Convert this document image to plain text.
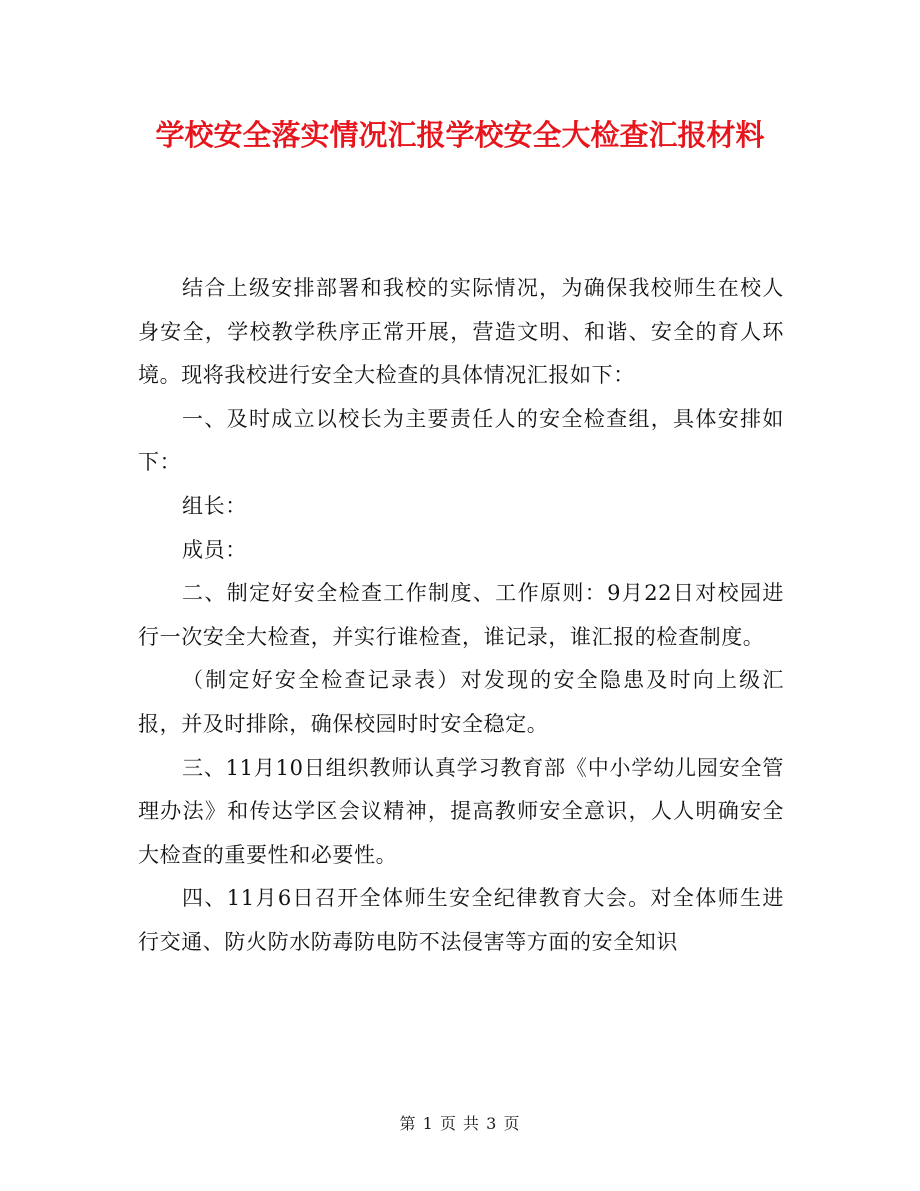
学校安全落实情况汇报学校安全大检查汇报材料

结合上级安排部署和我校的实际情况，为确保我校师生在校人身安全，学校教学秩序正常开展，营造文明、和谐、安全的育人环境。现将我校进行安全大检查的具体情况汇报如下：

一、及时成立以校长为主要责任人的安全检查组，具体安排如下：

组长：

成员：

二、制定好安全检查工作制度、工作原则：9月22日对校园进行一次安全大检查，并实行谁检查，谁记录，谁汇报的检查制度。

（制定好安全检查记录表）对发现的安全隐患及时向上级汇报，并及时排除，确保校园时时安全稳定。

三、11月10日组织教师认真学习教育部《中小学幼儿园安全管理办法》和传达学区会议精神，提高教师安全意识，人人明确安全大检查的重要性和必要性。

四、11月6日召开全体师生安全纪律教育大会。对全体师生进行交通、防火防水防毒防电防不法侵害等方面的安全知识

第 1 页 共 3 页
